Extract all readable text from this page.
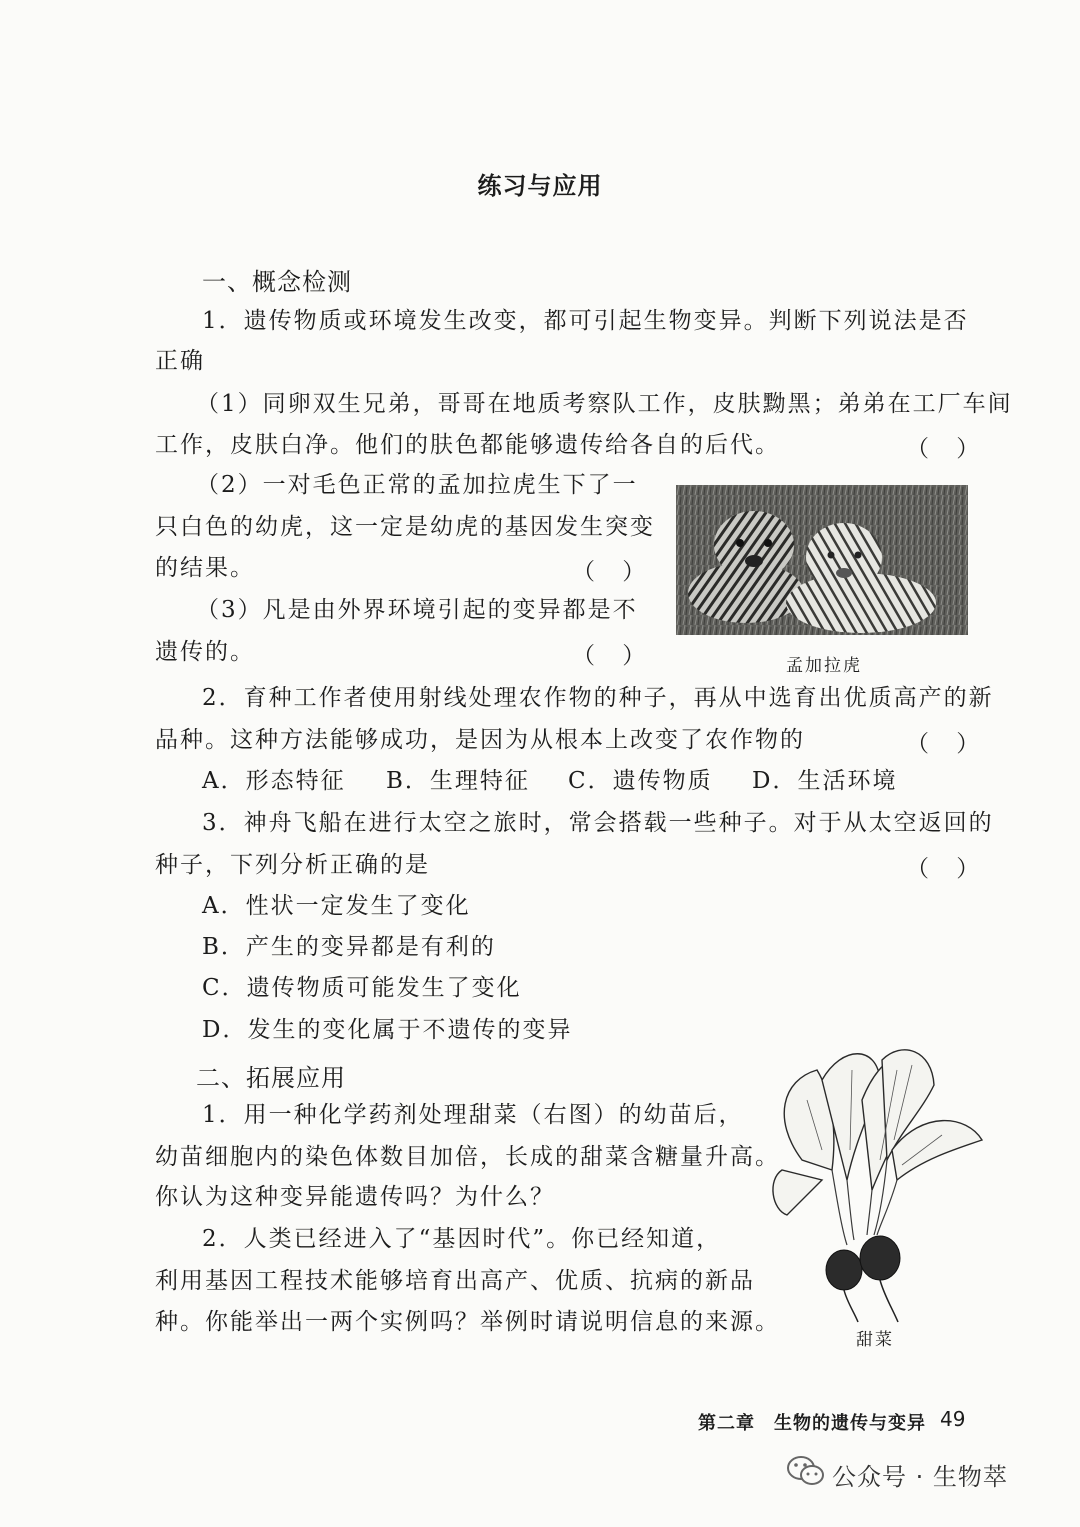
练习与应用
一、概念检测
1．遗传物质或环境发生改变，都可引起生物变异。判断下列说法是否
正确
（1）同卵双生兄弟，哥哥在地质考察队工作，皮肤黝黑；弟弟在工厂车间
工作，皮肤白净。他们的肤色都能够遗传给各自的后代。	（ ）
（2）一对毛色正常的孟加拉虎生下了一
只白色的幼虎，这一定是幼虎的基因发生突变
的结果。	（ ）
（3）凡是由外界环境引起的变异都是不
遗传的。	（ ）	孟加拉虎
2．育种工作者使用射线处理农作物的种子，再从中选育出优质高产的新
品种。这种方法能够成功，是因为从根本上改变了农作物的	（ ）
A．形态特征 B．生理特征 C．遗传物质 D．生活环境
3．神舟飞船在进行太空之旅时，常会搭载一些种子。对于从太空返回的
种子，下列分析正确的是	（ ）
A．性状一定发生了变化
B．产生的变异都是有利的
C．遗传物质可能发生了变化
D．发生的变化属于不遗传的变异
二、拓展应用
1．用一种化学药剂处理甜菜（右图）的幼苗后，
幼苗细胞内的染色体数目加倍，长成的甜菜含糖量升高。
你认为这种变异能遗传吗？为什么？
2．人类已经进入了“基因时代”。你已经知道，
利用基因工程技术能够培育出高产、优质、抗病的新品
种。你能举出一两个实例吗？举例时请说明信息的来源。
甜菜
第二章　生物的遗传与变异 49
公众号 · 生物萃
